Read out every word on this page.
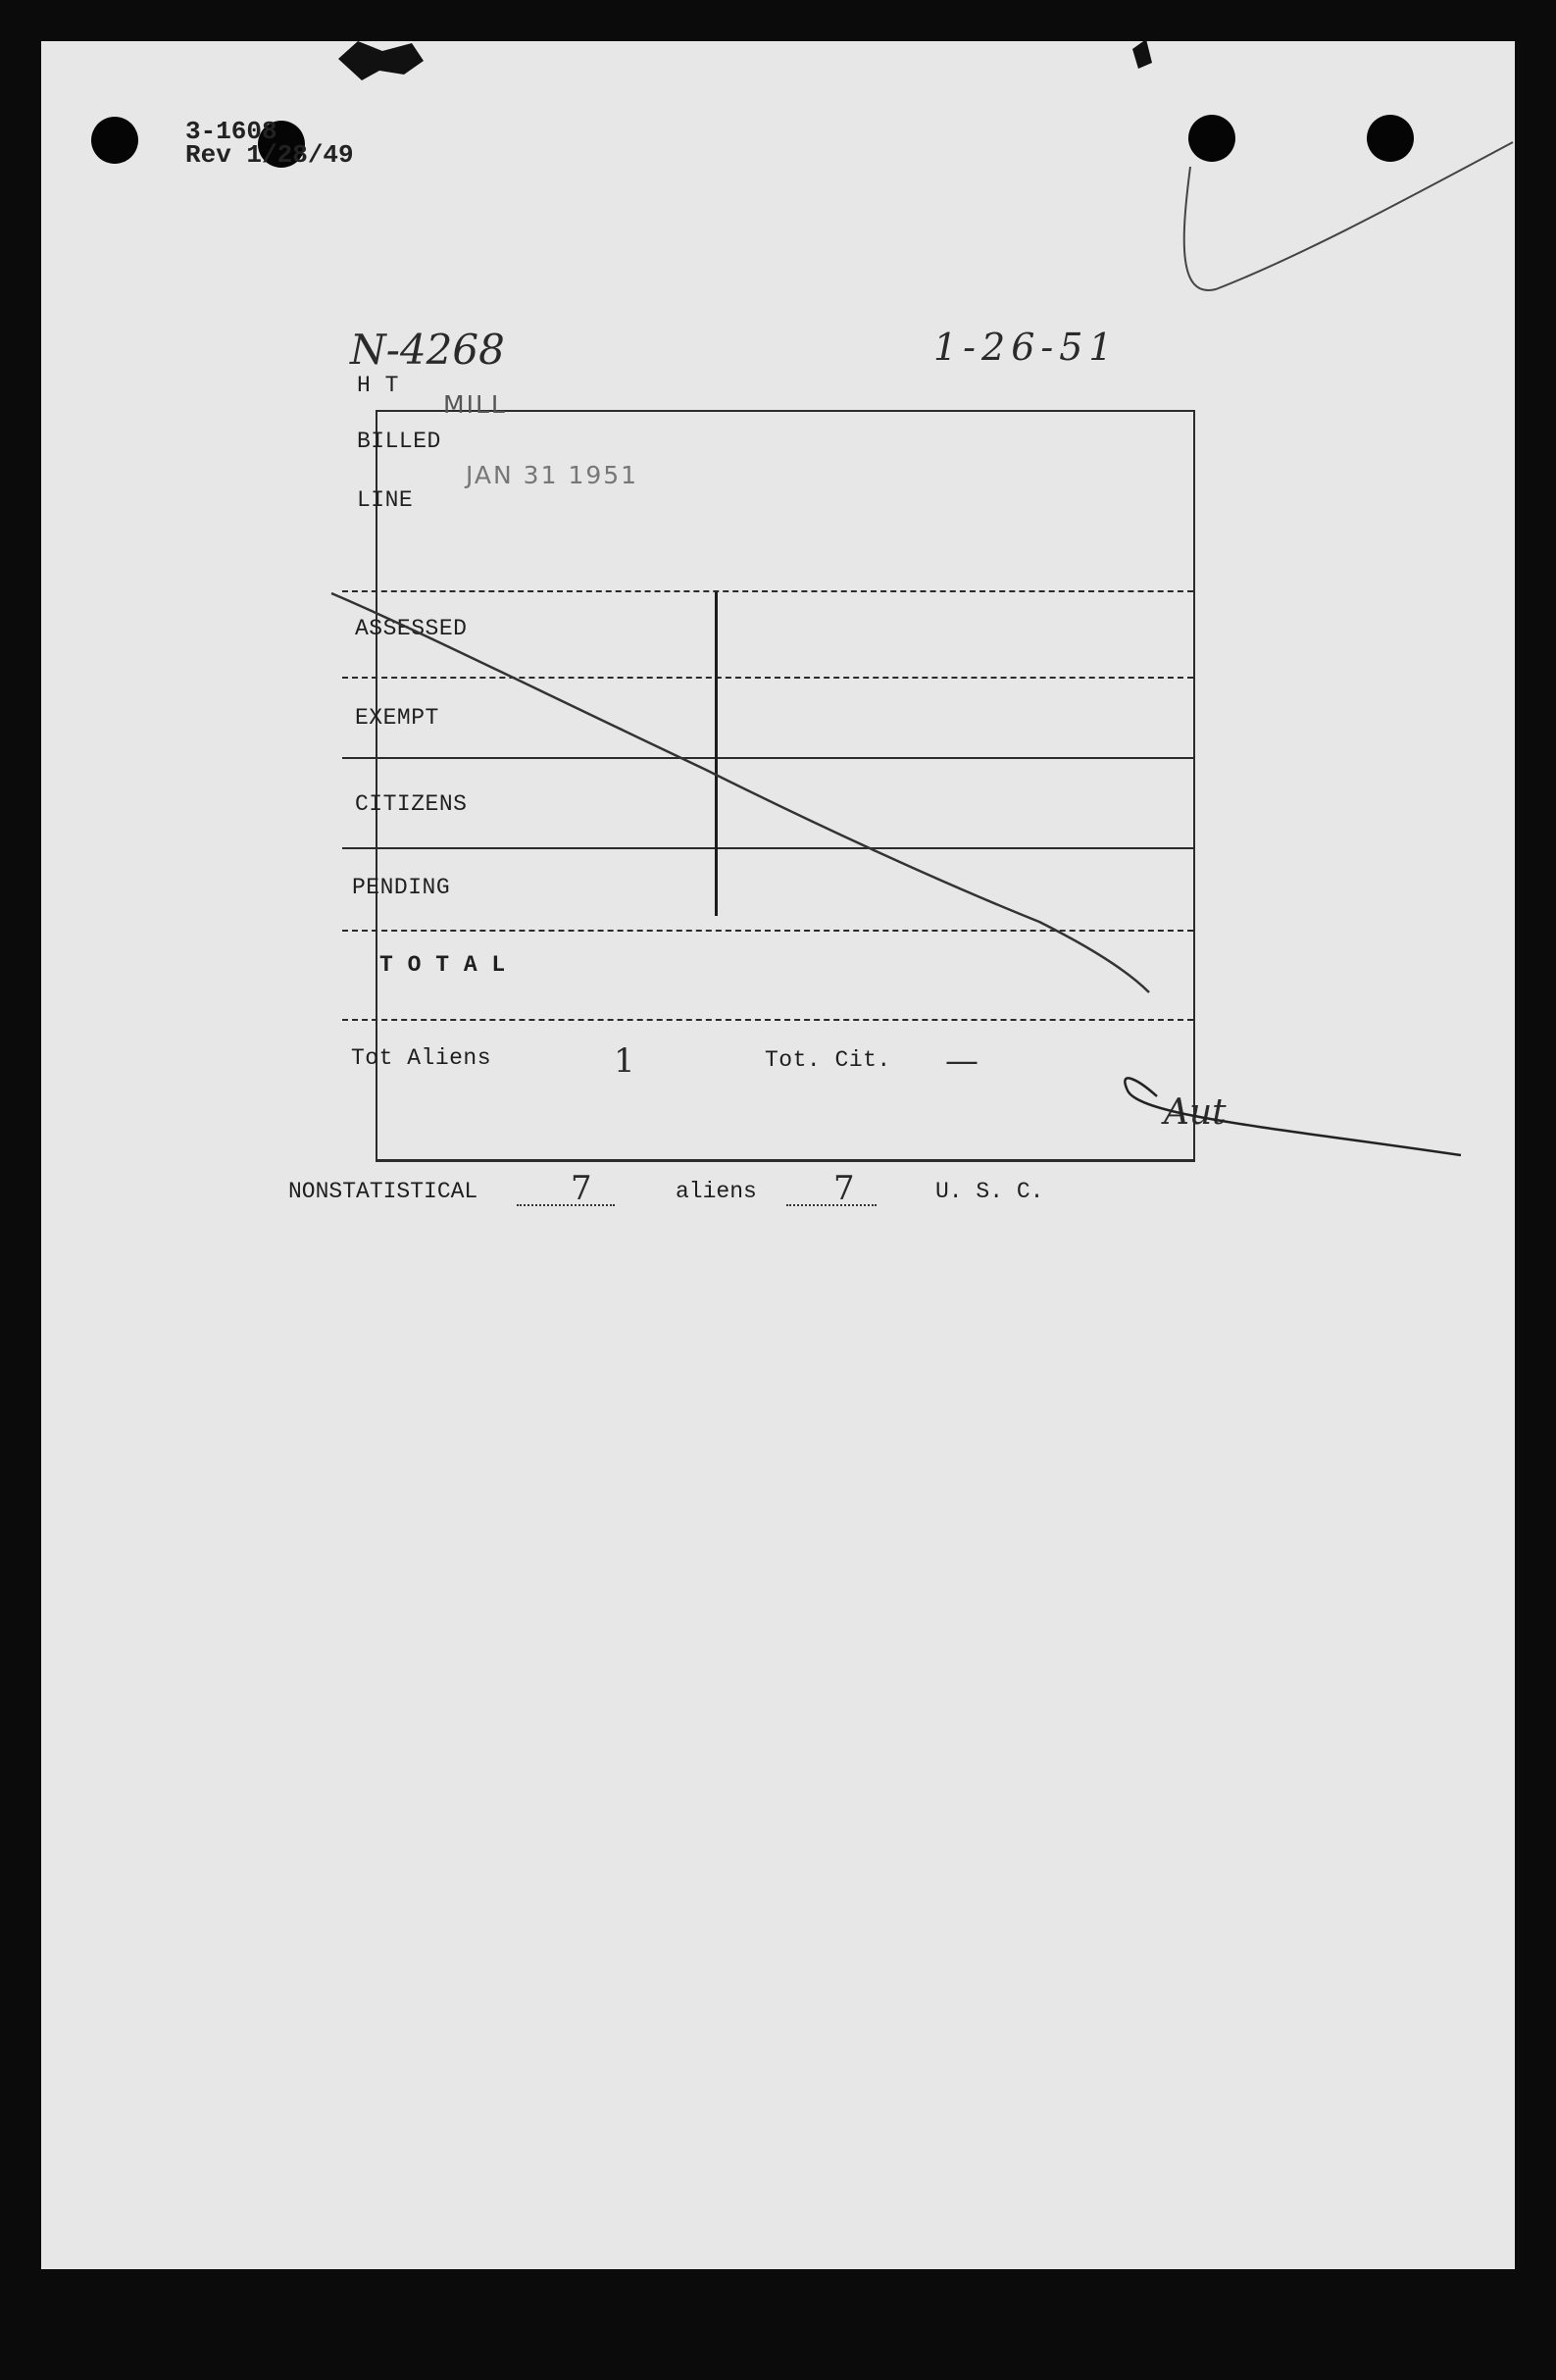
3-1608
Rev 1/28/49
N-4268	1-26-51
H T
MILL
BILLED
LINE
JAN 31 1951
ASSESSED
EXEMPT
CITIZENS
PENDING
T O T A L
Tot Aliens	1	Tot. Cit. —
NONSTATISTICAL	7	aliens 7	U. S. C.
Aut
